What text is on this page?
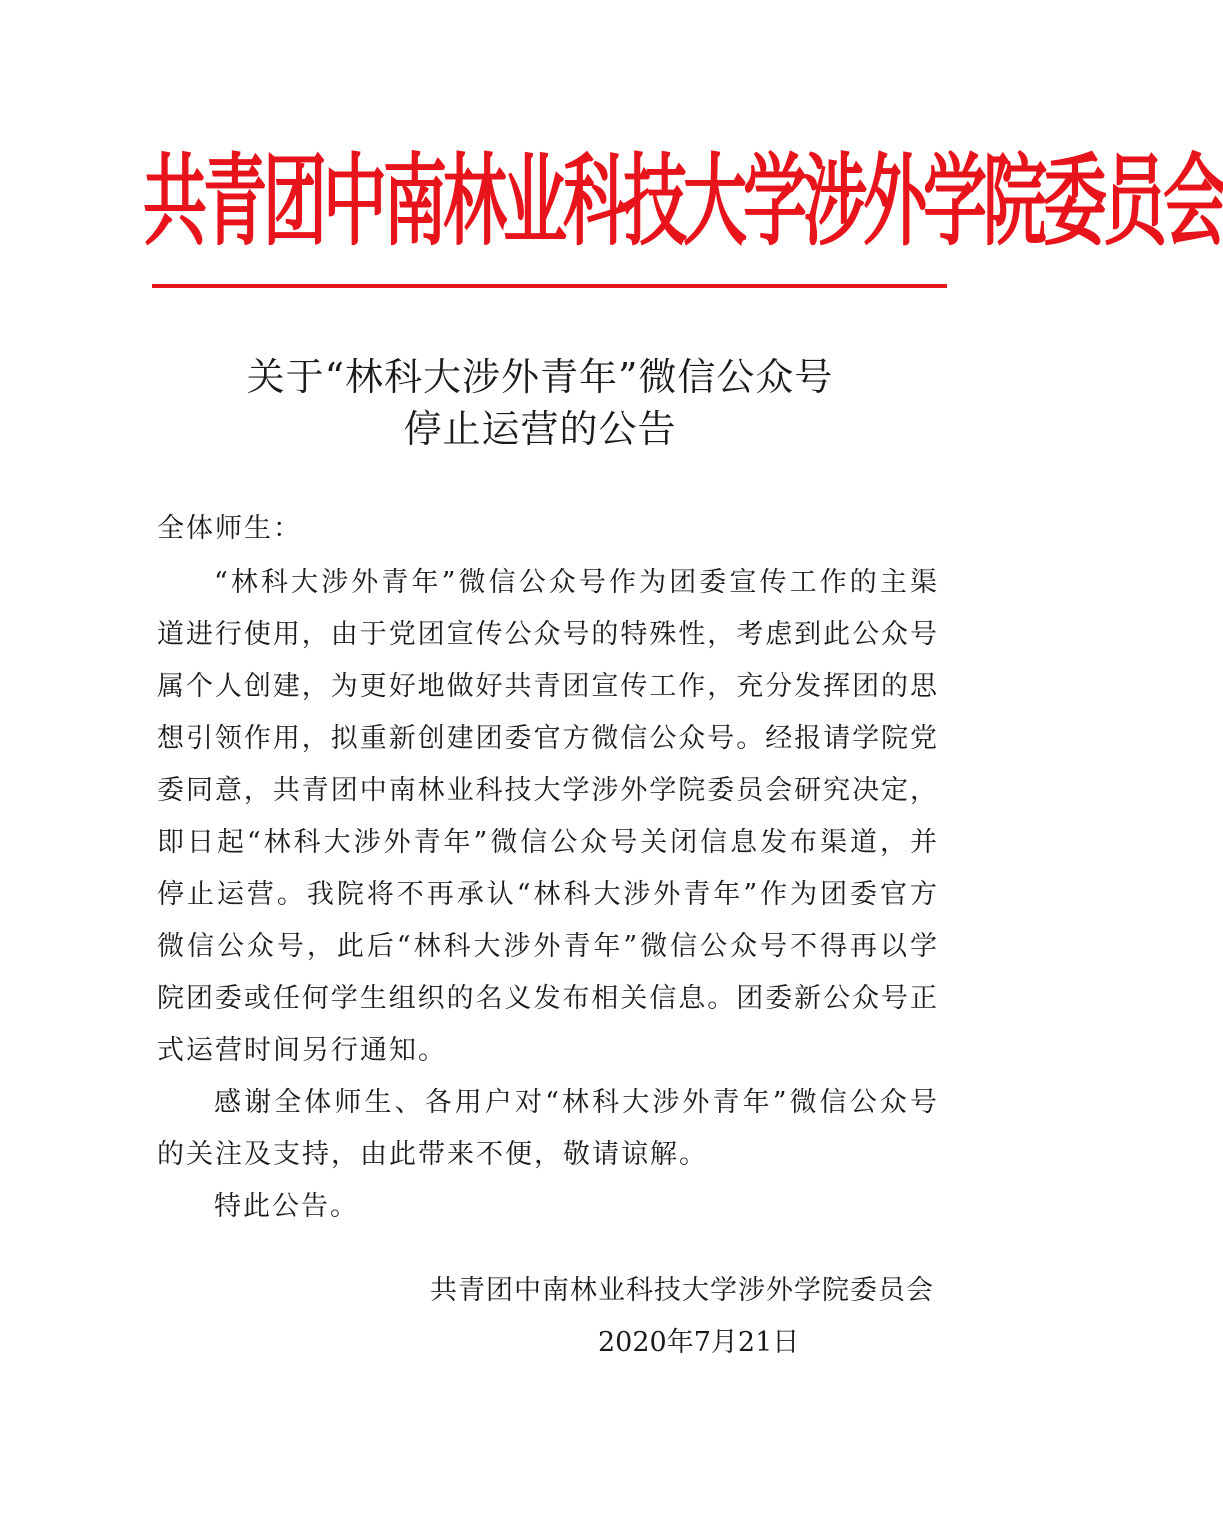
共青团中南林业科技大学涉外学院委员会
关于“林科大涉外青年”微信公众号
停止运营的公告
全体师生：
“林科大涉外青年”微信公众号作为团委宣传工作的主渠
道进行使用，由于党团宣传公众号的特殊性，考虑到此公众号
属个人创建，为更好地做好共青团宣传工作，充分发挥团的思
想引领作用，拟重新创建团委官方微信公众号。经报请学院党
委同意，共青团中南林业科技大学涉外学院委员会研究决定，
即日起“林科大涉外青年”微信公众号关闭信息发布渠道，并
停止运营。我院将不再承认“林科大涉外青年”作为团委官方
微信公众号，此后“林科大涉外青年”微信公众号不得再以学
院团委或任何学生组织的名义发布相关信息。团委新公众号正
式运营时间另行通知。
感谢全体师生、各用户对“林科大涉外青年”微信公众号
的关注及支持，由此带来不便，敬请谅解。
特此公告。
共青团中南林业科技大学涉外学院委员会
2020年7月21日
